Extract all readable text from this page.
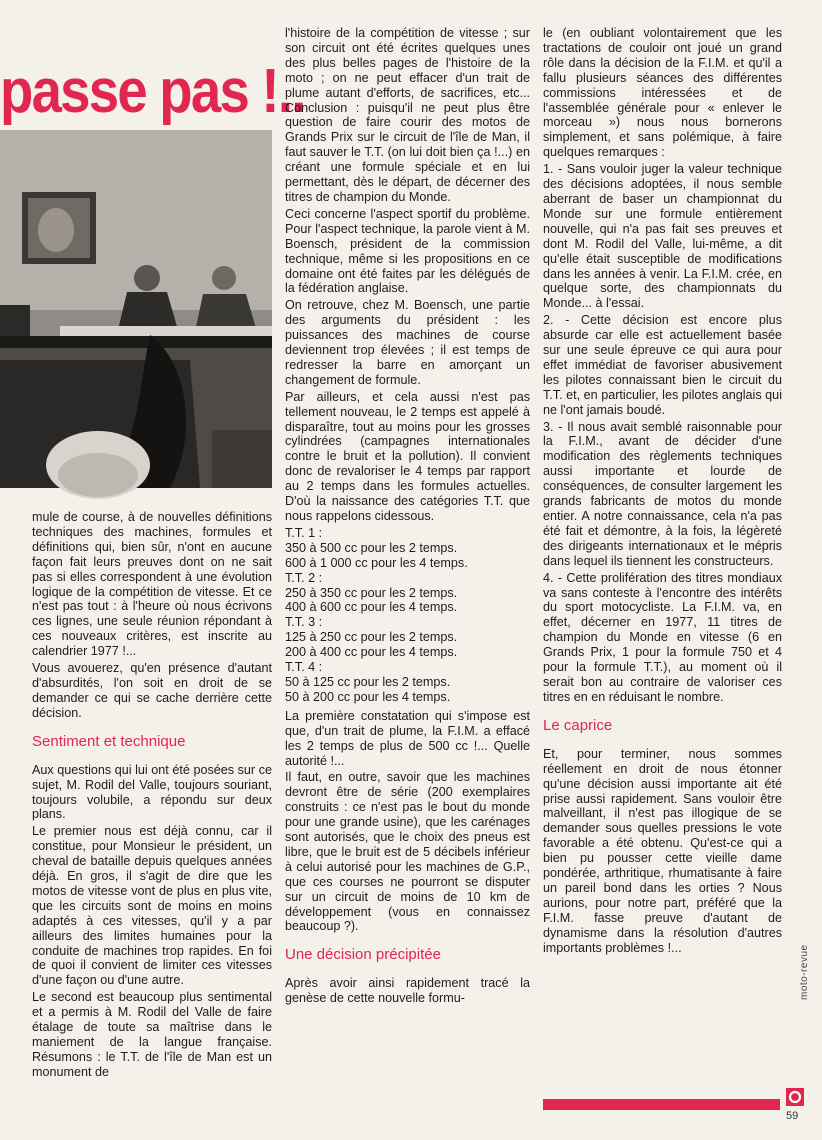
passe pas !..

mule de course, à de nouvelles définitions techniques des machines, formules et définitions qui, bien sûr, n'ont en aucune façon fait leurs preuves dont on ne sait pas si elles correspondent à une évolution logique de la compétition de vitesse. Et ce n'est pas tout : à l'heure où nous écrivons ces lignes, une seule réunion répondant à ces nouveaux critères, est inscrite au calendrier 1977 !...

Vous avouerez, qu'en présence d'autant d'absurdités, l'on soit en droit de se demander ce qui se cache derrière cette décision.

Sentiment et technique

Aux questions qui lui ont été posées sur ce sujet, M. Rodil del Valle, toujours souriant, toujours volubile, a répondu sur deux plans.

Le premier nous est déjà connu, car il constitue, pour Monsieur le président, un cheval de bataille depuis quelques années déjà. En gros, il s'agit de dire que les motos de vitesse vont de plus en plus vite, que les circuits sont de moins en moins adaptés à ces vitesses, qu'il y a par ailleurs des limites humaines pour la conduite de machines trop rapides. En foi de quoi il convient de limiter ces vitesses d'une façon ou d'une autre.

Le second est beaucoup plus sentimental et a permis à M. Rodil del Valle de faire étalage de toute sa maîtrise dans le maniement de la langue française. Résumons : le T.T. de l'île de Man est un monument de

l'histoire de la compétition de vitesse ; sur son circuit ont été écrites quelques unes des plus belles pages de l'histoire de la moto ; on ne peut effacer d'un trait de plume autant d'efforts, de sacrifices, etc... Conclusion : puisqu'il ne peut plus être question de faire courir des motos de Grands Prix sur le circuit de l'île de Man, il faut sauver le T.T. (on lui doit bien ça !...) en créant une formule spéciale et en lui permettant, dès le départ, de décerner des titres de champion du Monde.

Ceci concerne l'aspect sportif du problème. Pour l'aspect technique, la parole vient à M. Boensch, président de la commission technique, même si les propositions en ce domaine ont été faites par les délégués de la fédération anglaise.

On retrouve, chez M. Boensch, une partie des arguments du président : les puissances des machines de course deviennent trop élevées ; il est temps de redresser la barre en amorçant un changement de formule.

Par ailleurs, et cela aussi n'est pas tellement nouveau, le 2 temps est appelé à disparaître, tout au moins pour les grosses cylindrées (campagnes internationales contre le bruit et la pollution). Il convient donc de revaloriser le 4 temps par rapport au 2 temps dans les formules actuelles. D'où la naissance des catégories T.T. que nous rappelons cidessous.

T.T. 1 :
350 à 500 cc pour les 2 temps.
600 à 1 000 cc pour les 4 temps.
T.T. 2 :
250 à 350 cc pour les 2 temps.
400 à 600 cc pour les 4 temps.
T.T. 3 :
125 à 250 cc pour les 2 temps.
200 à 400 cc pour les 4 temps.
T.T. 4 :
50 à 125 cc pour les 2 temps.
50 à 200 cc pour les 4 temps.

La première constatation qui s'impose est que, d'un trait de plume, la F.I.M. a effacé les 2 temps de plus de 500 cc !... Quelle autorité !...

Il faut, en outre, savoir que les machines devront être de série (200 exemplaires construits : ce n'est pas le bout du monde pour une grande usine), que les carénages sont autorisés, que le choix des pneus est libre, que le bruit est de 5 décibels inférieur à celui autorisé pour les machines de G.P., que ces courses ne pourront se disputer sur un circuit de moins de 10 km de développement (vous en connaissez beaucoup ?).

Une décision précipitée

Après avoir ainsi rapidement tracé la genèse de cette nouvelle formu-

le (en oubliant volontairement que les tractations de couloir ont joué un grand rôle dans la décision de la F.I.M. et qu'il a fallu plusieurs séances des différentes commissions intéressées et de l'assemblée générale pour « enlever le morceau ») nous nous bornerons simplement, et sans polémique, à faire quelques remarques :

1. - Sans vouloir juger la valeur technique des décisions adoptées, il nous semble aberrant de baser un championnat du Monde sur une formule entièrement nouvelle, qui n'a pas fait ses preuves et dont M. Rodil del Valle, lui-même, a dit qu'elle était susceptible de modifications dans les années à venir. La F.I.M. crée, en quelque sorte, des championnats du Monde... à l'essai.

2. - Cette décision est encore plus absurde car elle est actuellement basée sur une seule épreuve ce qui aura pour effet immédiat de favoriser abusivement les pilotes connaissant bien le circuit du T.T. et, en particulier, les pilotes anglais qui ne l'ont jamais boudé.

3. - Il nous avait semblé raisonnable pour la F.I.M., avant de décider d'une modification des règlements techniques aussi importante et lourde de conséquences, de consulter largement les grands fabricants de motos du monde entier. A notre connaissance, cela n'a pas été fait et démontre, à la fois, la légèreté des dirigeants internationaux et le mépris dans lequel ils tiennent les constructeurs.

4. - Cette prolifération des titres mondiaux va sans conteste à l'encontre des intérêts du sport motocycliste. La F.I.M. va, en effet, décerner en 1977, 11 titres de champion du Monde en vitesse (6 en Grands Prix, 1 pour la formule 750 et 4 pour la formule T.T.), au moment où il serait bon au contraire de valoriser ces titres en en réduisant le nombre.

Le caprice

Et, pour terminer, nous sommes réellement en droit de nous étonner qu'une décision aussi importante ait été prise aussi rapidement. Sans vouloir être malveillant, il n'est pas illogique de se demander sous quelles pressions le vote favorable a été obtenu. Qu'est-ce qui a bien pu pousser cette vieille dame pondérée, arthritique, rhumatisante à faire un pareil bond dans les orties ? Nous aurions, pour notre part, préféré que la F.I.M. fasse preuve d'autant de dynamisme dans la résolution d'autres importants problèmes !...	moto-revue
59
